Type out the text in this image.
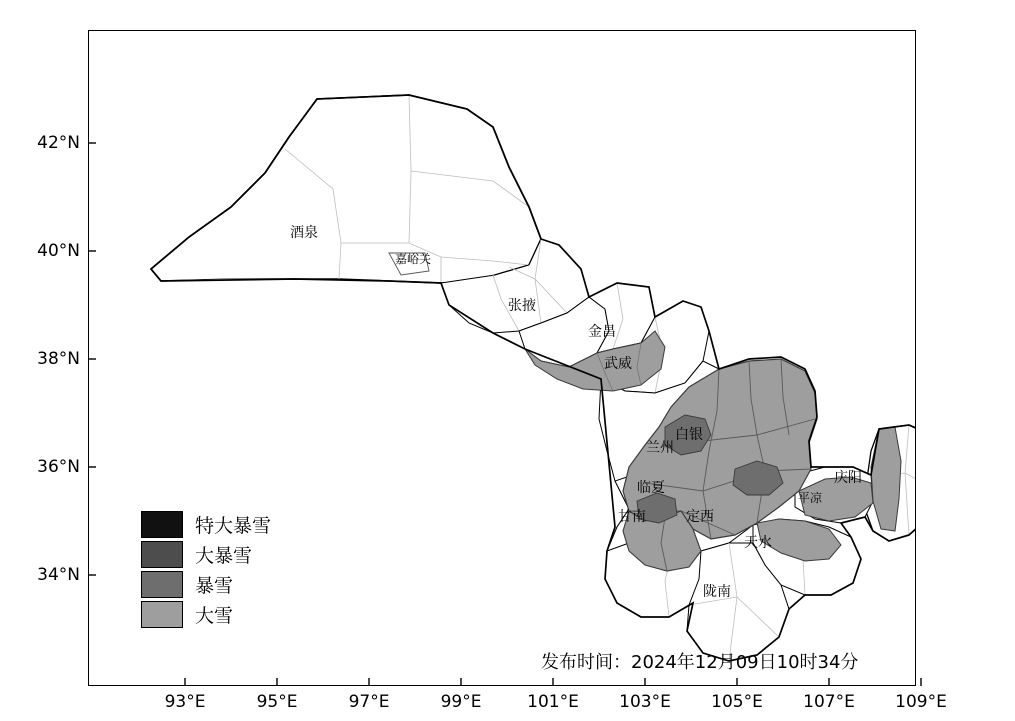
酒泉
嘉峪关
张掖
金昌
武威
白银
兰州
临夏
甘南	定西
平凉
庆阳
天水
陇南
特大暴雪
大暴雪
暴雪
大雪
发布时间：2024年12月09日10时34分
93°E	95°E	97°E	99°E	101°E 103°E 105°E 107°E 109°E
42°N
40°N
38°N
36°N
34°N
